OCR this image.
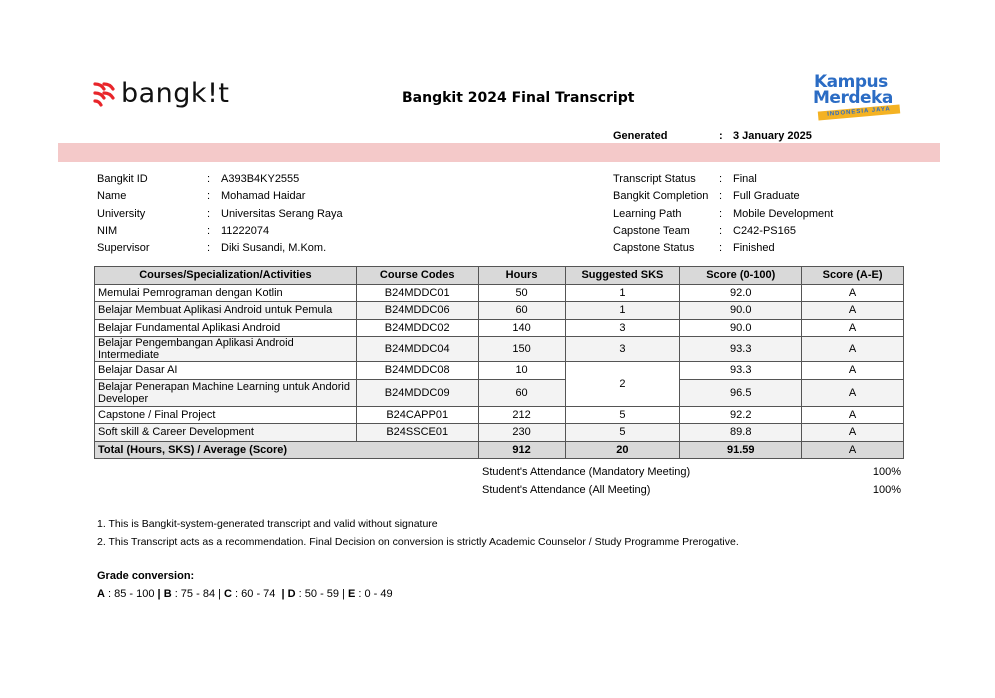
bangk!t	Bangkit 2024 Final Transcript
Kampus
Merdeka
INDONESIA JAYA
Generated	: 3 January 2025
Bangkit ID	: A393B4KY2555
Name	: Mohamad Haidar
University	: Universitas Serang Raya
NIM	: 11222074
Supervisor	: Diki Susandi, M.Kom.
Transcript Status	: Final
Bangkit Completion : Full Graduate
Learning Path	: Mobile Development
Capstone Team	: C242-PS165
Capstone Status	: Finished
Courses/Specialization/Activities	Course Codes	Hours	Suggested SKS	Score (0-100)	Score (A-E)
Memulai Pemrograman dengan Kotlin	B24MDDC01	50	1	92.0	A
Belajar Membuat Aplikasi Android untuk Pemula	B24MDDC06	60	1	90.0	A
Belajar Fundamental Aplikasi Android	B24MDDC02	140	3	90.0	A
Belajar Pengembangan Aplikasi Android Intermediate	B24MDDC04	150	3	93.3	A
Belajar Dasar AI	B24MDDC08	10	2	93.3	A
Belajar Penerapan Machine Learning untuk Andorid Developer	B24MDDC09	60		96.5	A
Capstone / Final Project	B24CAPP01	212	5	92.2	A
Soft skill & Career Development	B24SSCE01	230	5	89.8	A
Total (Hours, SKS) / Average (Score)		912	20	91.59	A
Student's Attendance (Mandatory Meeting)	100%
Student's Attendance (All Meeting)	100%
1. This is Bangkit-system-generated transcript and valid without signature
2. This Transcript acts as a recommendation. Final Decision on conversion is strictly Academic Counselor / Study Programme Prerogative.
Grade conversion:
A : 85 - 100 | B : 75 - 84 | C : 60 - 74  | D : 50 - 59 | E : 0 - 49
